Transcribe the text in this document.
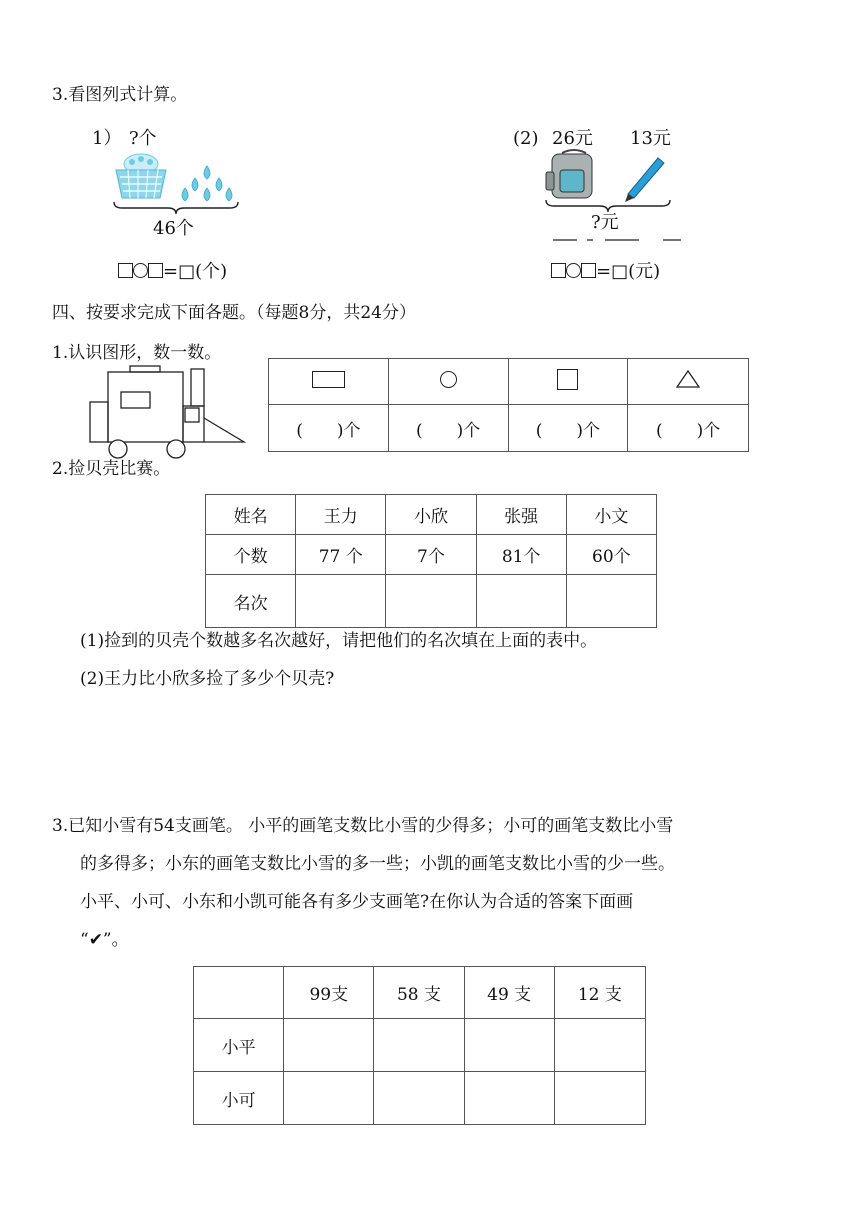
3.看图列式计算。
1） ?个
46个
=□(个)
(2) 26元 13元
?元
=□(元)
四、按要求完成下面各题。（每题8分，共24分）
1.认识图形，数一数。

(　　)个	(　　)个	(　　)个	(　　)个
2.捡贝壳比赛。
姓名	王力	小欣	张强	小文
个数	77 个	7个	81个	60个
名次				
(1)捡到的贝壳个数越多名次越好，请把他们的名次填在上面的表中。
(2)王力比小欣多捡了多少个贝壳?
3.已知小雪有54支画笔。 小平的画笔支数比小雪的少得多；小可的画笔支数比小雪
的多得多；小东的画笔支数比小雪的多一些；小凯的画笔支数比小雪的少一些。
小平、小可、小东和小凯可能各有多少支画笔?在你认为合适的答案下面画
“✔”。
	99支	58 支	49 支	12 支
小平				
小可				
